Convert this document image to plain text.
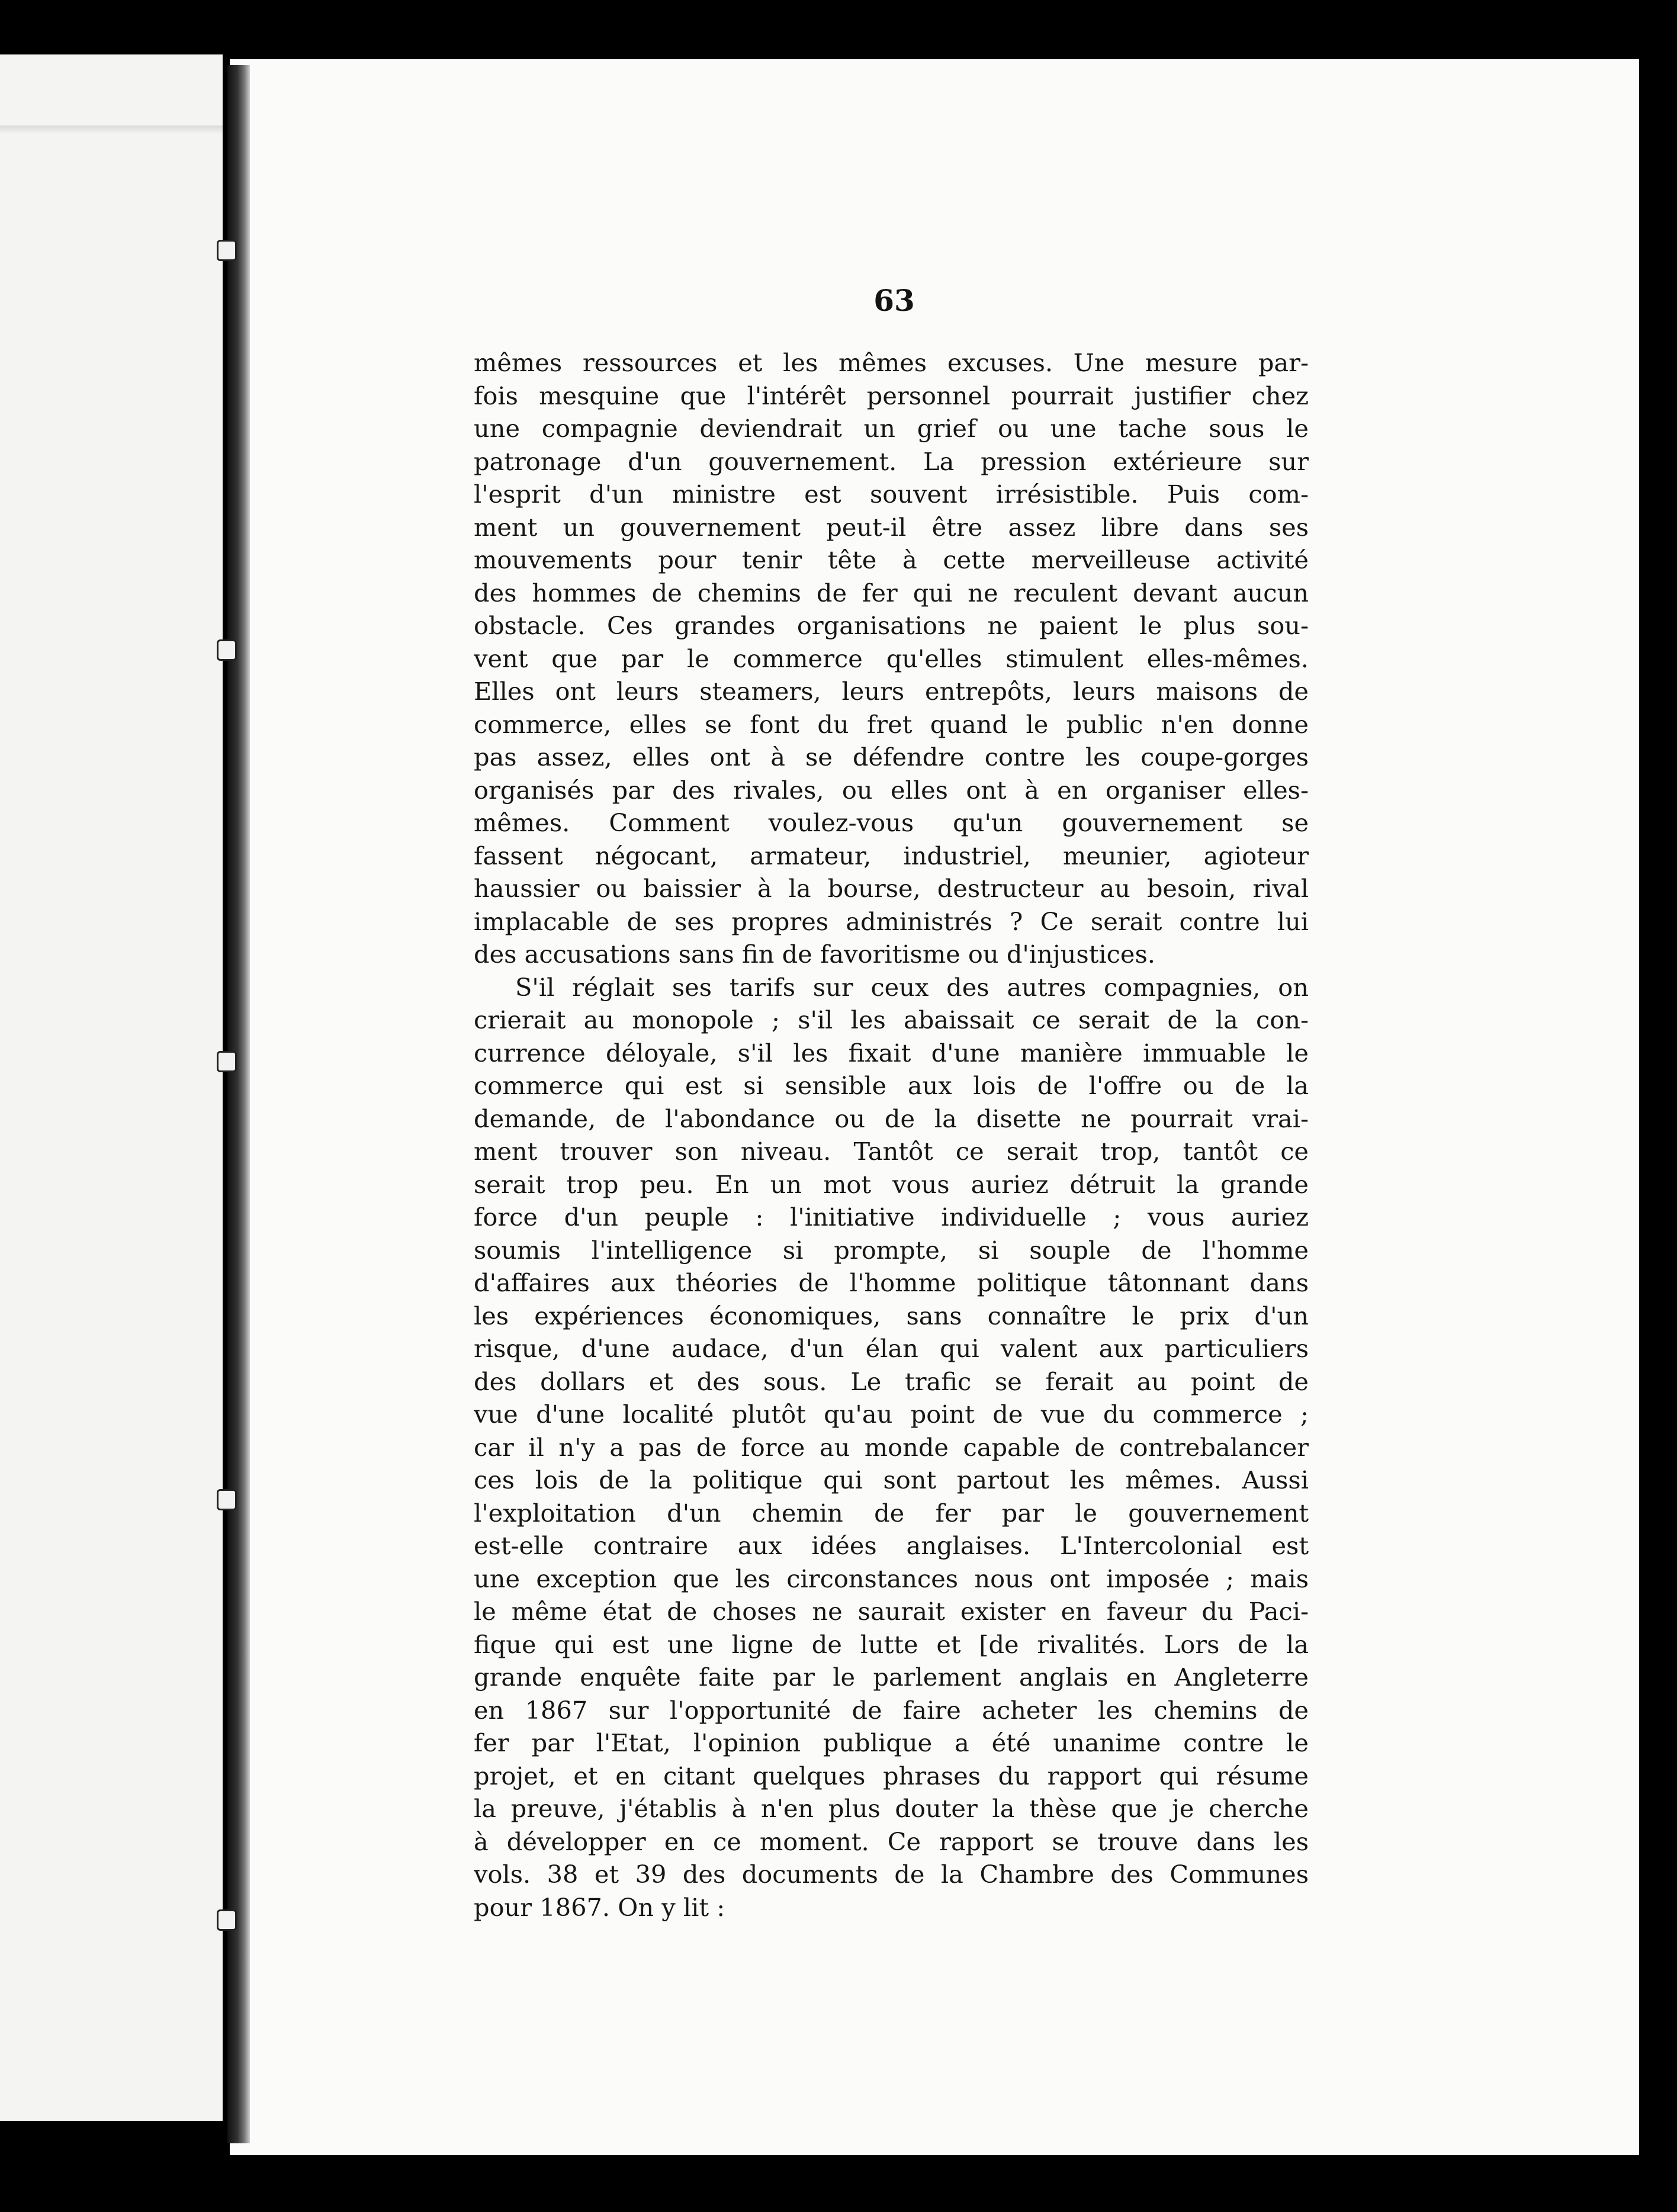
63
mêmes ressources et les mêmes excuses. Une mesure par-
fois mesquine que l'intérêt personnel pourrait justifier chez
une compagnie deviendrait un grief ou une tache sous le
patronage d'un gouvernement. La pression extérieure sur
l'esprit d'un ministre est souvent irrésistible. Puis com-
ment un gouvernement peut-il être assez libre dans ses
mouvements pour tenir tête à cette merveilleuse activité
des hommes de chemins de fer qui ne reculent devant aucun
obstacle. Ces grandes organisations ne paient le plus sou-
vent que par le commerce qu'elles stimulent elles-mêmes.
Elles ont leurs steamers, leurs entrepôts, leurs maisons de
commerce, elles se font du fret quand le public n'en donne
pas assez, elles ont à se défendre contre les coupe-gorges
organisés par des rivales, ou elles ont à en organiser elles-
mêmes. Comment voulez-vous qu'un gouvernement se
fassent négocant, armateur, industriel, meunier, agioteur
haussier ou baissier à la bourse, destructeur au besoin, rival
implacable de ses propres administrés ? Ce serait contre lui
des accusations sans fin de favoritisme ou d'injustices.
S'il réglait ses tarifs sur ceux des autres compagnies, on
crierait au monopole ; s'il les abaissait ce serait de la con-
currence déloyale, s'il les fixait d'une manière immuable le
commerce qui est si sensible aux lois de l'offre ou de la
demande, de l'abondance ou de la disette ne pourrait vrai-
ment trouver son niveau. Tantôt ce serait trop, tantôt ce
serait trop peu. En un mot vous auriez détruit la grande
force d'un peuple : l'initiative individuelle ; vous auriez
soumis l'intelligence si prompte, si souple de l'homme
d'affaires aux théories de l'homme politique tâtonnant dans
les expériences économiques, sans connaître le prix d'un
risque, d'une audace, d'un élan qui valent aux particuliers
des dollars et des sous. Le trafic se ferait au point de
vue d'une localité plutôt qu'au point de vue du commerce ;
car il n'y a pas de force au monde capable de contrebalancer
ces lois de la politique qui sont partout les mêmes. Aussi
l'exploitation d'un chemin de fer par le gouvernement
est-elle contraire aux idées anglaises. L'Intercolonial est
une exception que les circonstances nous ont imposée ; mais
le même état de choses ne saurait exister en faveur du Paci-
fique qui est une ligne de lutte et [de rivalités. Lors de la
grande enquête faite par le parlement anglais en Angleterre
en 1867 sur l'opportunité de faire acheter les chemins de
fer par l'Etat, l'opinion publique a été unanime contre le
projet, et en citant quelques phrases du rapport qui résume
la preuve, j'établis à n'en plus douter la thèse que je cherche
à développer en ce moment. Ce rapport se trouve dans les
vols. 38 et 39 des documents de la Chambre des Communes
pour 1867. On y lit :
